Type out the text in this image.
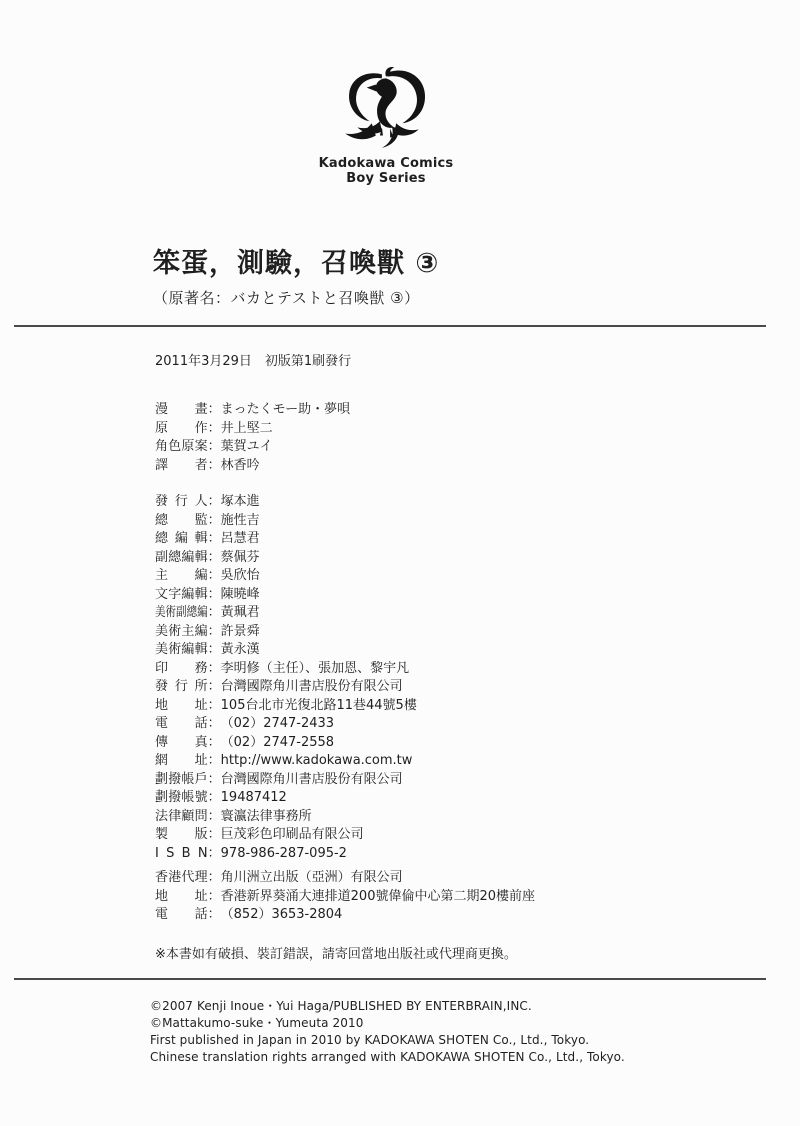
Kadokawa Comics
Boy Series
笨蛋，測驗，召喚獸 ③
（原著名：バカとテストと召喚獣 ③）
2011年3月29日　初版第1刷發行
漫畫：まったくモー助・夢唄
原作：井上堅二
角色原案：葉賀ユイ
譯者：林香吟
發行人：塚本進
總監：施性吉
總編輯：呂慧君
副總編輯：蔡佩芬
主編：吳欣怡
文字編輯：陳曉峰
美術副總編：黃珮君
美術主編：許景舜
美術編輯：黃永漢
印務：李明修（主任）、張加恩、黎宇凡
發行所：台灣國際角川書店股份有限公司
地址：105台北市光復北路11巷44號5樓
電話：（02）2747-2433
傳真：（02）2747-2558
網址：http://www.kadokawa.com.tw
劃撥帳戶：台灣國際角川書店股份有限公司
劃撥帳號：19487412
法律顧問：寰瀛法律事務所
製版：巨茂彩色印刷品有限公司
I S B N：978-986-287-095-2
香港代理：角川洲立出版（亞洲）有限公司
地址：香港新界葵涌大連排道200號偉倫中心第二期20樓前座
電話：（852）3653-2804
※本書如有破損、裝訂錯誤，請寄回當地出版社或代理商更換。
©2007 Kenji Inoue・Yui Haga/PUBLISHED BY ENTERBRAIN,INC.
©Mattakumo-suke・Yumeuta 2010
First published in Japan in 2010 by KADOKAWA SHOTEN Co., Ltd., Tokyo.
Chinese translation rights arranged with KADOKAWA SHOTEN Co., Ltd., Tokyo.
